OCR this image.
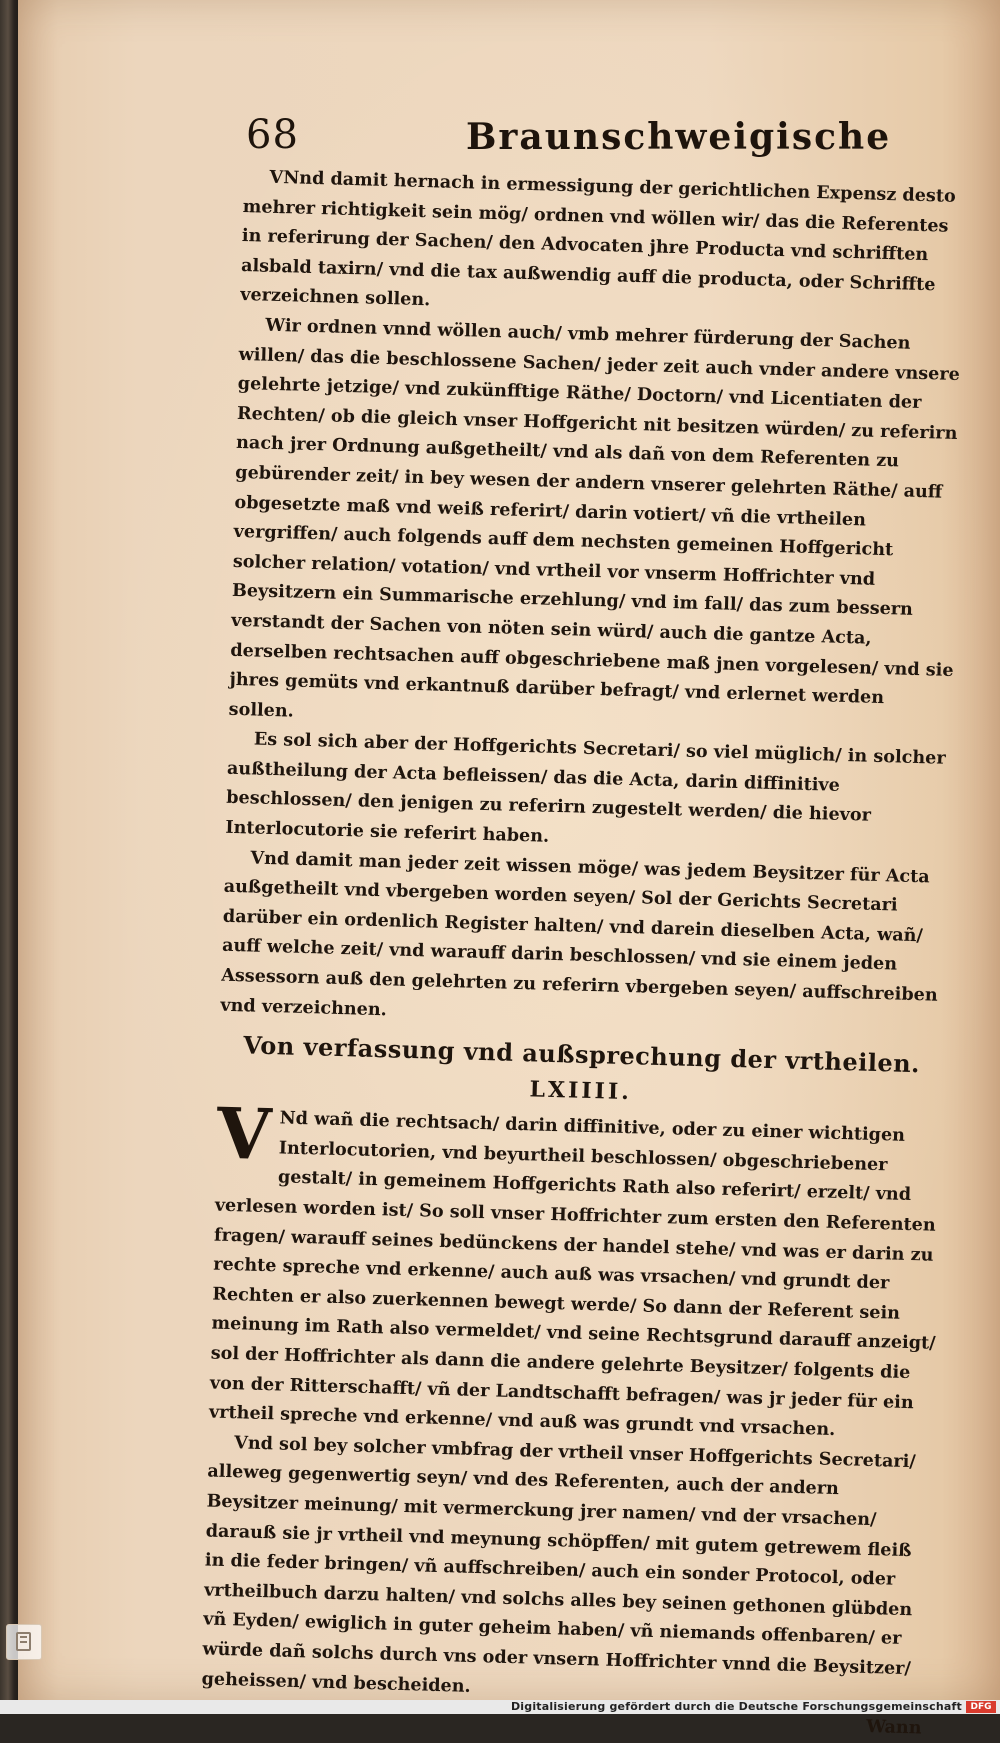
68	Braunschweigische

VNnd damit hernach in ermessigung der gerichtlichen Expensz desto mehrer richtigkeit sein mög/ ordnen vnd wöllen wir/ das die Referentes in referirung der Sachen/ den Advocaten jhre Producta vnd schrifften alsbald taxirn/ vnd die tax außwendig auff die producta, oder Schriffte verzeichnen sollen.

Wir ordnen vnnd wöllen auch/ vmb mehrer fürderung der Sachen willen/ das die beschlossene Sachen/ jeder zeit auch vnder andere vnsere gelehrte jetzige/ vnd zukünfftige Räthe/ Doctorn/ vnd Licentiaten der Rechten/ ob die gleich vnser Hoffgericht nit besitzen würden/ zu referirn nach jrer Ordnung außgetheilt/ vnd als dañ von dem Referenten zu gebürender zeit/ in bey wesen der andern vnserer gelehrten Räthe/ auff obgesetzte maß vnd weiß referirt/ darin votiert/ vñ die vrtheilen vergriffen/ auch folgends auff dem nechsten gemeinen Hoffgericht solcher relation/ votation/ vnd vrtheil vor vnserm Hoffrichter vnd Beysitzern ein Summarische erzehlung/ vnd im fall/ das zum bessern verstandt der Sachen von nöten sein würd/ auch die gantze Acta, derselben rechtsachen auff obgeschriebene maß jnen vorgelesen/ vnd sie jhres gemüts vnd erkantnuß darüber befragt/ vnd erlernet werden sollen.

Es sol sich aber der Hoffgerichts Secretari/ so viel müglich/ in solcher außtheilung der Acta befleissen/ das die Acta, darin diffinitive beschlossen/ den jenigen zu referirn zugestelt werden/ die hievor Interlocutorie sie referirt haben.

Vnd damit man jeder zeit wissen möge/ was jedem Beysitzer für Acta außgetheilt vnd vbergeben worden seyen/ Sol der Gerichts Secretari darüber ein ordenlich Register halten/ vnd darein dieselben Acta, wañ/ auff welche zeit/ vnd warauff darin beschlossen/ vnd sie einem jeden Assessorn auß den gelehrten zu referirn vbergeben seyen/ auffschreiben vnd verzeichnen.

Von verfassung vnd außsprechung der vrtheilen.

LXIIII.

V Nd wañ die rechtsach/ darin diffinitive, oder zu einer wichtigen Interlocutorien, vnd beyurtheil beschlossen/ obgeschriebener gestalt/ in gemeinem Hoffgerichts Rath also referirt/ erzelt/ vnd verlesen worden ist/ So soll vnser Hoffrichter zum ersten den Referenten fragen/ warauff seines bedünckens der handel stehe/ vnd was er darin zu rechte spreche vnd erkenne/ auch auß was vrsachen/ vnd grundt der Rechten er also zuerkennen bewegt werde/ So dann der Referent sein meinung im Rath also vermeldet/ vnd seine Rechtsgrund darauff anzeigt/ sol der Hoffrichter als dann die andere gelehrte Beysitzer/ folgents die von der Ritterschafft/ vñ der Landtschafft befragen/ was jr jeder für ein vrtheil spreche vnd erkenne/ vnd auß was grundt vnd vrsachen.

Vnd sol bey solcher vmbfrag der vrtheil vnser Hoffgerichts Secretari/ alleweg gegenwertig seyn/ vnd des Referenten, auch der andern Beysitzer meinung/ mit vermerckung jrer namen/ vnd der vrsachen/ darauß sie jr vrtheil vnd meynung schöpffen/ mit gutem getrewem fleiß in die feder bringen/ vñ auffschreiben/ auch ein sonder Protocol, oder vrtheilbuch darzu halten/ vnd solchs alles bey seinen gethonen glübden vñ Eyden/ ewiglich in guter geheim haben/ vñ niemands offenbaren/ er würde dañ solchs durch vns oder vnsern Hoffrichter vnnd die Beysitzer/ geheissen/ vnd bescheiden.

Wann

Digitalisierung gefördert durch die Deutsche Forschungsgemeinschaft DFG
